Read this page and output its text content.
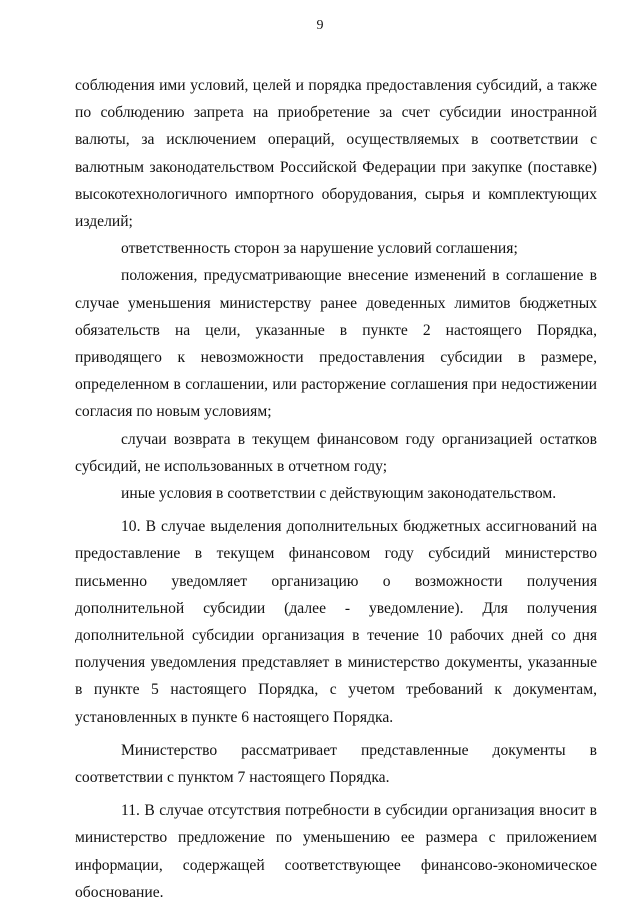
9

соблюдения ими условий, целей и порядка предоставления субсидий, а также по соблюдению запрета на приобретение за счет субсидии иностранной валюты, за исключением операций, осуществляемых в соответствии с валютным законодательством Российской Федерации при закупке (поставке) высокотехнологичного импортного оборудования, сырья и комплектующих изделий;

ответственность сторон за нарушение условий соглашения;

положения, предусматривающие внесение изменений в соглашение в случае уменьшения министерству ранее доведенных лимитов бюджетных обязательств на цели, указанные в пункте 2 настоящего Порядка, приводящего к невозможности предоставления субсидии в размере, определенном в соглашении, или расторжение соглашения при недостижении согласия по новым условиям;

случаи возврата в текущем финансовом году организацией остатков субсидий, не использованных в отчетном году;

иные условия в соответствии с действующим законодательством.

10. В случае выделения дополнительных бюджетных ассигнований на предоставление в текущем финансовом году субсидий министерство письменно уведомляет организацию о возможности получения дополнительной субсидии (далее - уведомление). Для получения дополнительной субсидии организация в течение 10 рабочих дней со дня получения уведомления представляет в министерство документы, указанные в пункте 5 настоящего Порядка, с учетом требований к документам, установленных в пункте 6 настоящего Порядка.

Министерство рассматривает представленные документы в соответствии с пунктом 7 настоящего Порядка.

11. В случае отсутствия потребности в субсидии организация вносит в министерство предложение по уменьшению ее размера с приложением информации, содержащей соответствующее финансово-экономическое обоснование.
